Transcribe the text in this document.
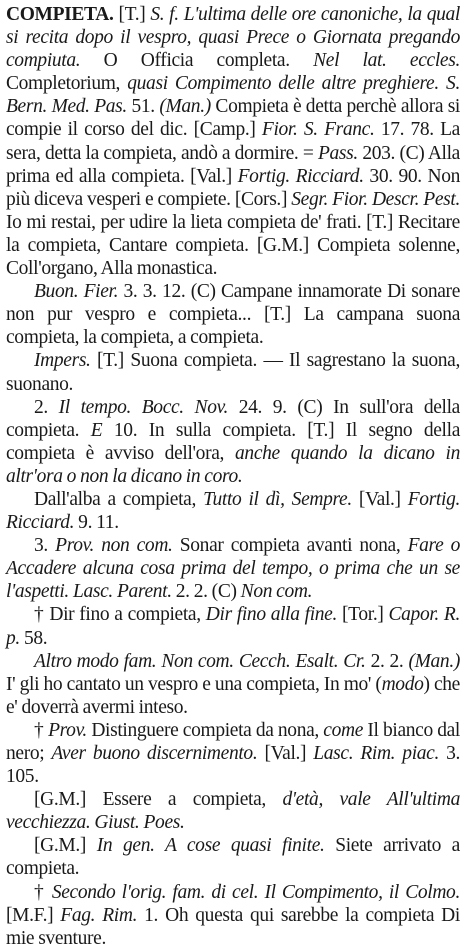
COMPIETA. [T.] S. f. L'ultima delle ore canoniche, la qual si recita dopo il vespro, quasi Prece o Giornata pregando compiuta. O Officia completa. Nel lat. eccles. Completorium, quasi Compimento delle altre preghiere. S. Bern. Med. Pas. 51. (Man.) Compieta è detta perchè allora si compie il corso del dic. [Camp.] Fior. S. Franc. 17. 78. La sera, detta la compieta, andò a dormire. = Pass. 203. (C) Alla prima ed alla compieta. [Val.] Fortig. Ricciard. 30. 90. Non più diceva vesperi e compiete. [Cors.] Segr. Fior. Descr. Pest. Io mi restai, per udire la lieta compieta de' frati. [T.] Recitare la compieta, Cantare compieta. [G.M.] Compieta solenne, Coll'organo, Alla monastica.

Buon. Fier. 3. 3. 12. (C) Campane innamorate Di sonare non pur vespro e compieta... [T.] La campana suona compieta, la compieta, a compieta.

Impers. [T.] Suona compieta. — Il sagrestano la suona, suonano.

2. Il tempo. Bocc. Nov. 24. 9. (C) In sull'ora della compieta. E 10. In sulla compieta. [T.] Il segno della compieta è avviso dell'ora, anche quando la dicano in altr'ora o non la dicano in coro.

Dall'alba a compieta, Tutto il dì, Sempre. [Val.] Fortig. Ricciard. 9. 11.

3. Prov. non com. Sonar compieta avanti nona, Fare o Accadere alcuna cosa prima del tempo, o prima che un se l'aspetti. Lasc. Parent. 2. 2. (C) Non com.

† Dir fino a compieta, Dir fino alla fine. [Tor.] Capor. R. p. 58.

Altro modo fam. Non com. Cecch. Esalt. Cr. 2. 2. (Man.) I' gli ho cantato un vespro e una compieta, In mo' (modo) che e' doverrà avermi inteso.

† Prov. Distinguere compieta da nona, come Il bianco dal nero; Aver buono discernimento. [Val.] Lasc. Rim. piac. 3. 105.

[G.M.] Essere a compieta, d'età, vale All'ultima vecchiezza. Giust. Poes.

[G.M.] In gen. A cose quasi finite. Siete arrivato a compieta.

† Secondo l'orig. fam. di cel. Il Compimento, il Colmo. [M.F.] Fag. Rim. 1. Oh questa qui sarebbe la compieta Di mie sventure.
